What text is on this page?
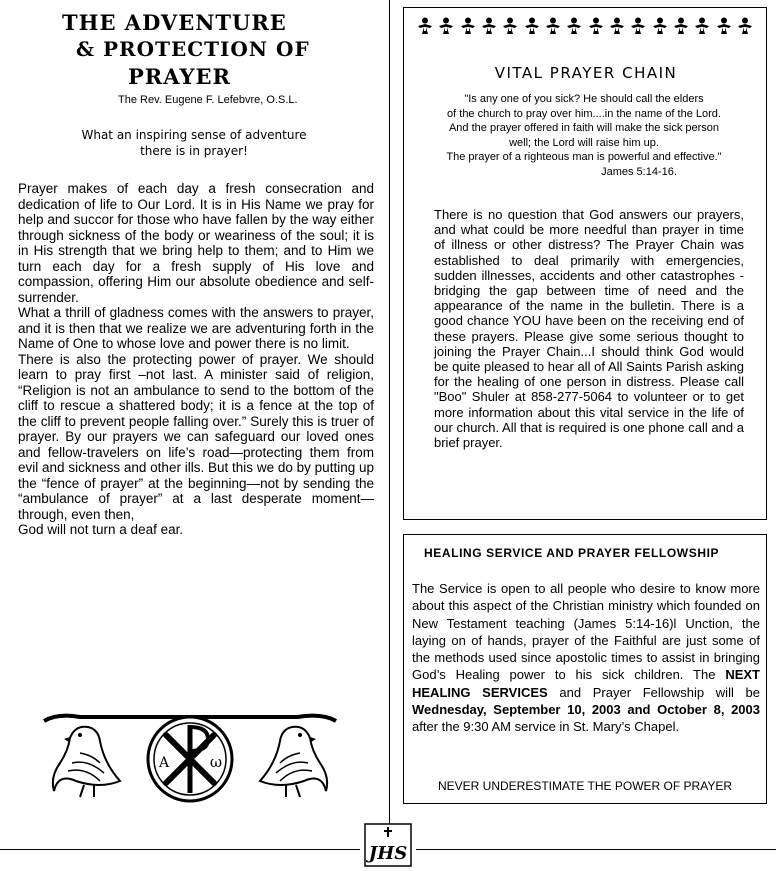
THE ADVENTURE
& PROTECTION OF
PRAYER
The Rev. Eugene F. Lefebvre, O.S.L.
What an inspiring sense of adventure
there is in prayer!

Prayer makes of each day a fresh consecration and dedication of life to Our Lord. It is in His Name we pray for help and succor for those who have fallen by the way either through sickness of the body or weariness of the soul; it is in His strength that we bring help to them; and to Him we turn each day for a fresh supply of His love and compassion, offering Him our absolute obedience and self-surrender.

What a thrill of gladness comes with the answers to prayer, and it is then that we realize we are adventuring forth in the Name of One to whose love and power there is no limit.

There is also the protecting power of prayer. We should learn to pray first –not last. A minister said of religion, “Religion is not an ambulance to send to the bottom of the cliff to rescue a shattered body; it is a fence at the top of the cliff to prevent people falling over.” Surely this is truer of prayer. By our prayers we can safeguard our loved ones and fellow-travelers on life’s road—protecting them from evil and sickness and other ills. But this we do by putting up the “fence of prayer” at the beginning—not by sending the “ambulance of prayer” at a last desperate moment—through, even then,

God will not turn a deaf ear.

A	ω
JHS
VITAL PRAYER CHAIN
"Is any one of you sick? He should call the elders
of the church to pray over him....in the name of the Lord.
And the prayer offered in faith will make the sick person
well; the Lord will raise him up.
The prayer of a righteous man is powerful and effective."
James 5:14-16.
There is no question that God answers our prayers, and what could be more needful than prayer in time of illness or other distress? The Prayer Chain was established to deal primarily with emergencies, sudden illnesses, accidents and other catastrophes - bridging the gap between time of need and the appearance of the name in the bulletin. There is a good chance YOU have been on the receiving end of these prayers. Please give some serious thought to joining the Prayer Chain...I should think God would be quite pleased to hear all of All Saints Parish asking for the healing of one person in distress. Please call "Boo" Shuler at 858-277-5064 to volunteer or to get more information about this vital service in the life of our church. All that is required is one phone call and a brief prayer.
HEALING SERVICE AND PRAYER FELLOWSHIP
The Service is open to all people who desire to know more about this aspect of the Christian ministry which founded on New Testament teaching (James 5:14-16)l Unction, the laying on of hands, prayer of the Faithful are just some of the methods used since apostolic times to assist in bringing God’s Healing power to his sick children. The NEXT HEALING SERVICES and Prayer Fellowship will be Wednesday, September 10, 2003 and October 8, 2003 after the 9:30 AM service in St. Mary’s Chapel.
NEVER UNDERESTIMATE THE POWER OF PRAYER
